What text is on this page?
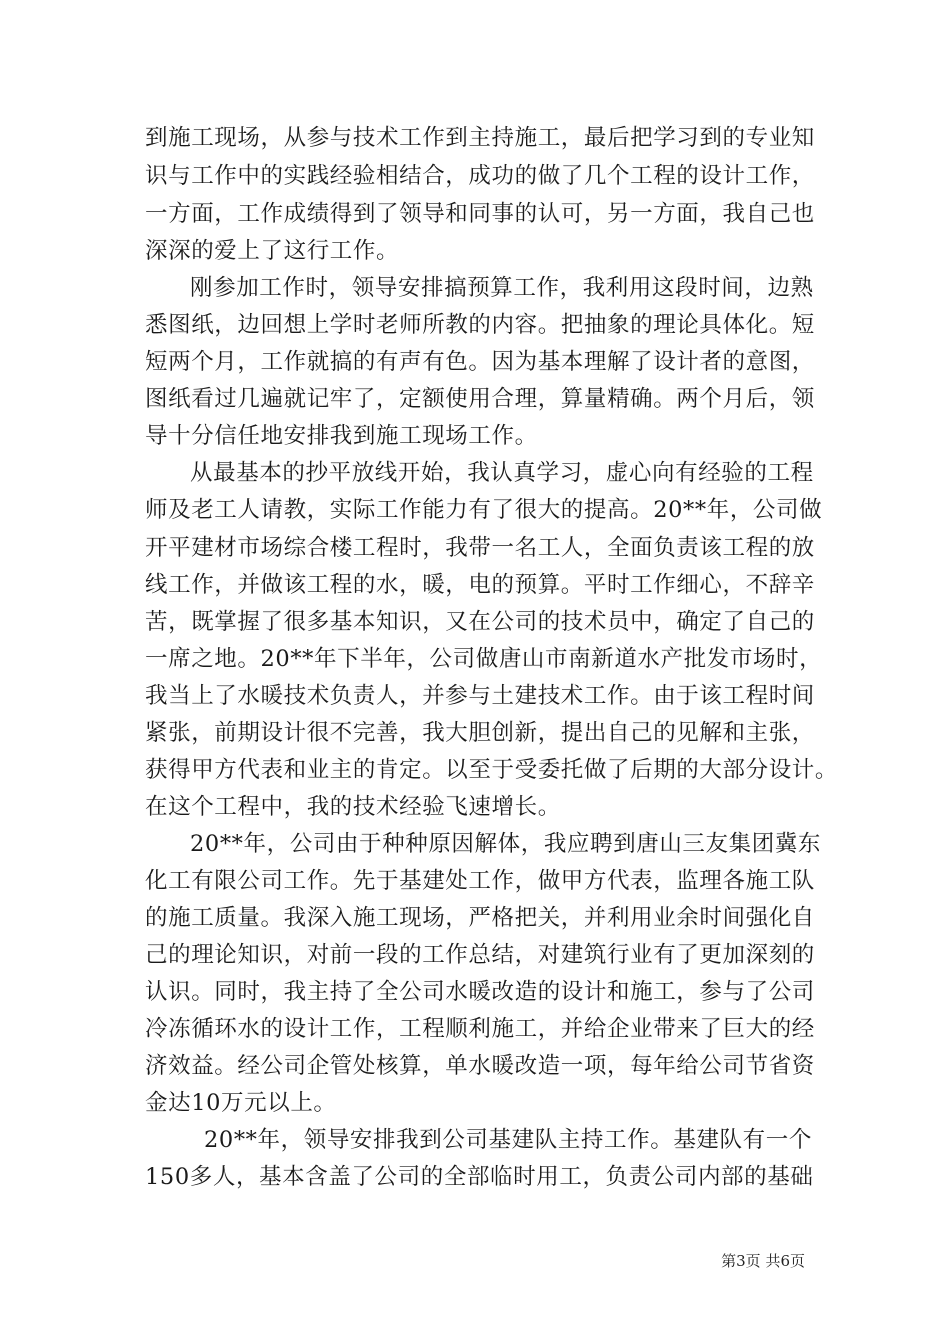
到施工现场，从参与技术工作到主持施工，最后把学习到的专业知
识与工作中的实践经验相结合，成功的做了几个工程的设计工作，
一方面，工作成绩得到了领导和同事的认可，另一方面，我自己也
深深的爱上了这行工作。
刚参加工作时，领导安排搞预算工作，我利用这段时间，边熟
悉图纸，边回想上学时老师所教的内容。把抽象的理论具体化。短
短两个月，工作就搞的有声有色。因为基本理解了设计者的意图，
图纸看过几遍就记牢了，定额使用合理，算量精确。两个月后，领
导十分信任地安排我到施工现场工作。
从最基本的抄平放线开始，我认真学习，虚心向有经验的工程
师及老工人请教，实际工作能力有了很大的提高。20**年，公司做
开平建材市场综合楼工程时，我带一名工人，全面负责该工程的放
线工作，并做该工程的水，暖，电的预算。平时工作细心，不辞辛
苦，既掌握了很多基本知识，又在公司的技术员中，确定了自己的
一席之地。20**年下半年，公司做唐山市南新道水产批发市场时，
我当上了水暖技术负责人，并参与土建技术工作。由于该工程时间
紧张，前期设计很不完善，我大胆创新，提出自己的见解和主张，
获得甲方代表和业主的肯定。以至于受委托做了后期的大部分设计。
在这个工程中，我的技术经验飞速增长。
20**年，公司由于种种原因解体，我应聘到唐山三友集团冀东
化工有限公司工作。先于基建处工作，做甲方代表，监理各施工队
的施工质量。我深入施工现场，严格把关，并利用业余时间强化自
己的理论知识，对前一段的工作总结，对建筑行业有了更加深刻的
认识。同时，我主持了全公司水暖改造的设计和施工，参与了公司
冷冻循环水的设计工作，工程顺利施工，并给企业带来了巨大的经
济效益。经公司企管处核算，单水暖改造一项，每年给公司节省资
金达10万元以上。
20**年，领导安排我到公司基建队主持工作。基建队有一个
150多人，基本含盖了公司的全部临时用工，负责公司内部的基础
第3页 共6页
